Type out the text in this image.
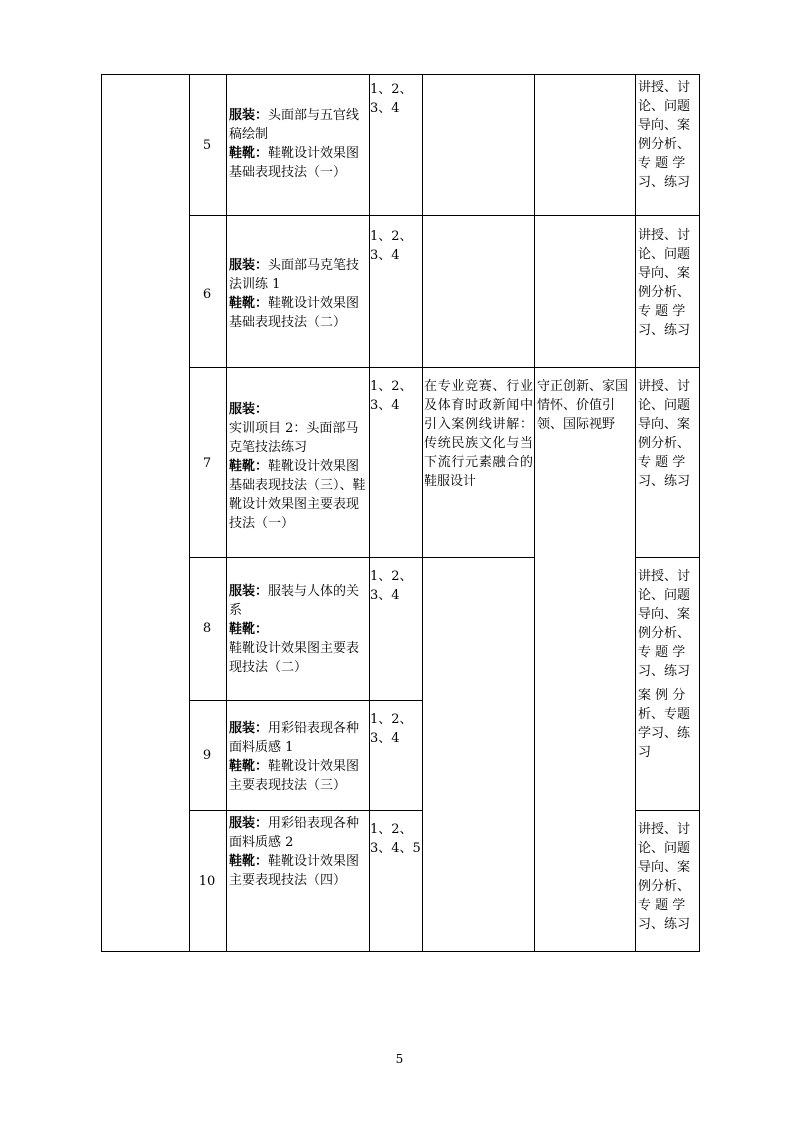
5

服装：头面部与五官线稿绘制

鞋靴：鞋靴设计效果图基础表现技法（一）

1、2、3、4
讲授、讨论、问题导向、案例分析、专 题 学习、练习
6

服装：头面部马克笔技法训练 1

鞋靴：鞋靴设计效果图基础表现技法（二）

1、2、3、4
讲授、讨论、问题导向、案例分析、专 题 学习、练习
7

服装：

实训项目 2：头面部马克笔技法练习

鞋靴：鞋靴设计效果图基础表现技法（三）、鞋靴设计效果图主要表现技法（一）

1、2、3、4
在专业竞赛、行业及体育时政新闻中引入案例线讲解：传统民族文化与当下流行元素融合的鞋服设计
守正创新、家国情怀、价值引领、国际视野
讲授、讨论、问题导向、案例分析、专 题 学习、练习
8

服装：服装与人体的关系

鞋靴：

鞋靴设计效果图主要表现技法（二）

1、2、3、4
讲授、讨论、问题导向、案例分析、专 题 学习、练习
9

服装：用彩铅表现各种面料质感 1

鞋靴：鞋靴设计效果图主要表现技法（三）

1、2、3、4
案 例 分析、专题学习、练习
10

服装：用彩铅表现各种面料质感 2

鞋靴：鞋靴设计效果图主要表现技法（四）

1、2、3、4、5
讲授、讨论、问题导向、案例分析、专 题 学习、练习
5
